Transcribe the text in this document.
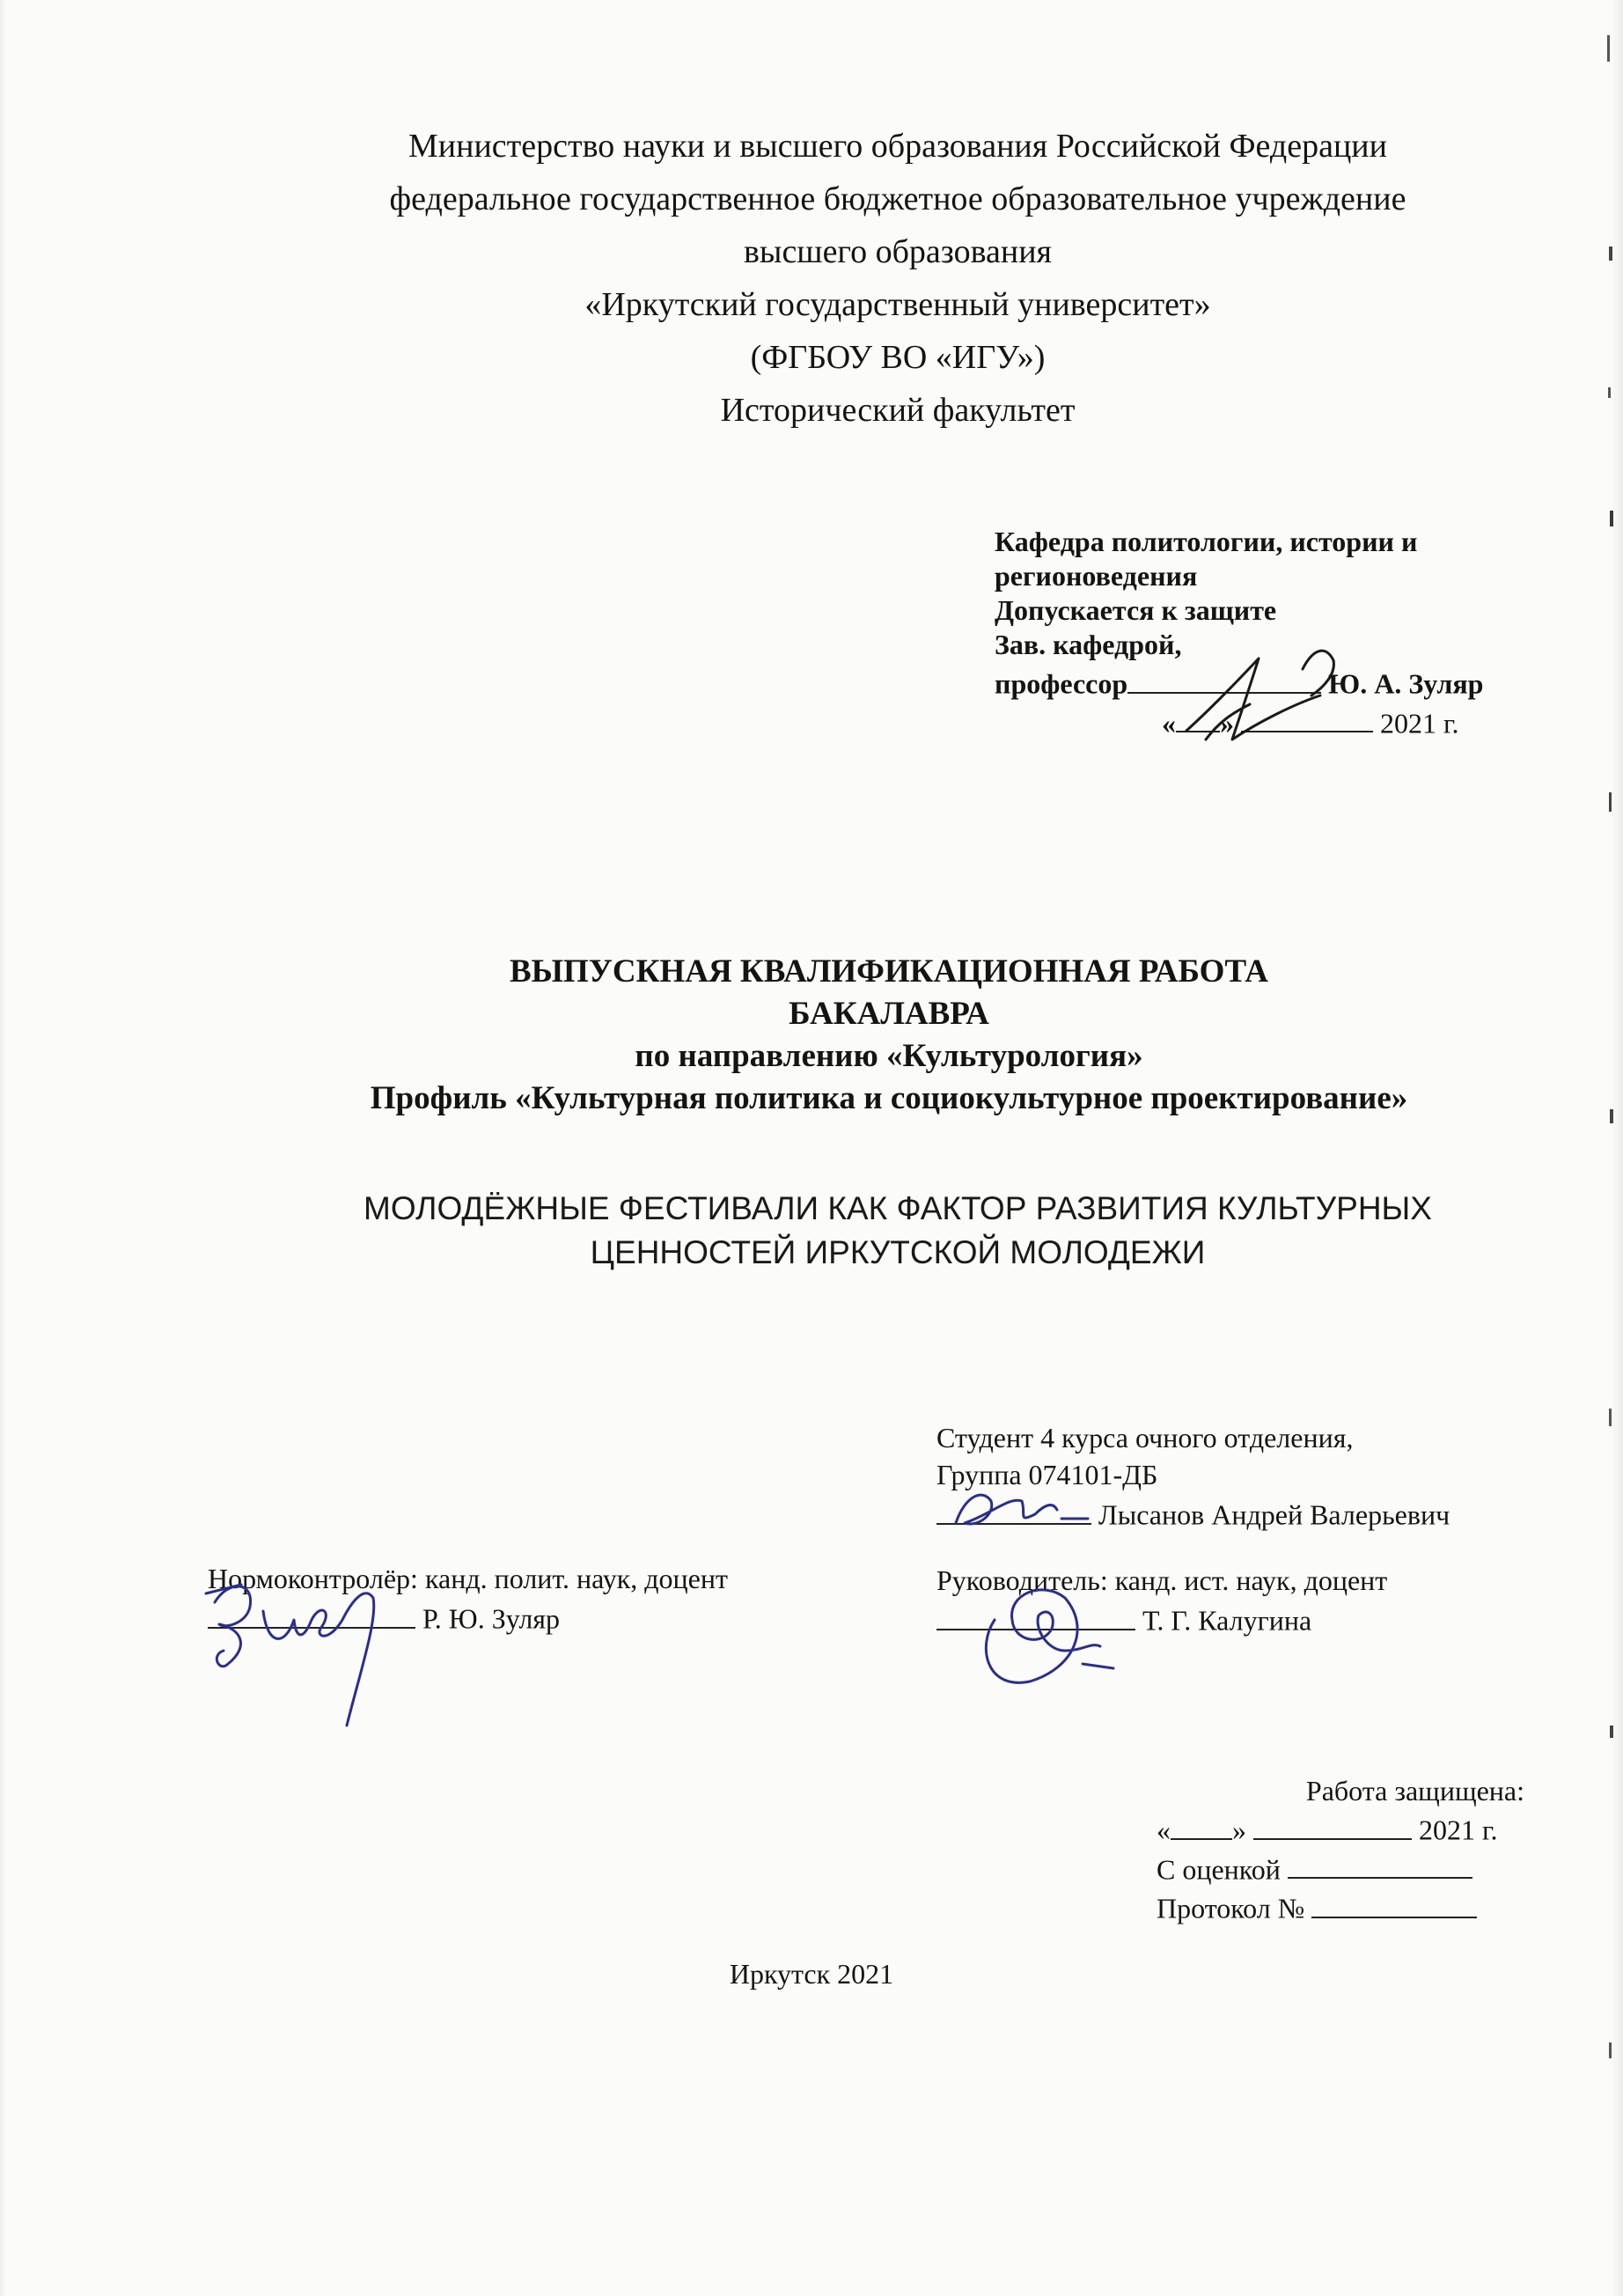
Министерство науки и высшего образования Российской Федерации
федеральное государственное бюджетное образовательное учреждение
высшего образования
«Иркутский государственный университет»
(ФГБОУ ВО «ИГУ»)
Исторический факультет
Кафедра политологии, истории и
регионоведения
Допускается к защите
Зав. кафедрой,
профессор	Ю. А. Зуляр
« »	2021 г.
ВЫПУСКНАЯ КВАЛИФИКАЦИОННАЯ РАБОТА
БАКАЛАВРА
по направлению «Культурология»
Профиль «Культурная политика и социокультурное проектирование»
МОЛОДЁЖНЫЕ ФЕСТИВАЛИ КАК ФАКТОР РАЗВИТИЯ КУЛЬТУРНЫХ
ЦЕННОСТЕЙ ИРКУТСКОЙ МОЛОДЕЖИ
Студент 4 курса очного отделения,
Группа 074101-ДБ
Лысанов Андрей Валерьевич
Нормоконтролёр: канд. полит. наук, доцент
Р. Ю. Зуляр
Руководитель: канд. ист. наук, доцент
Т. Г. Калугина
Работа защищена:
« »	2021 г.
С оценкой
Протокол №
Иркутск 2021
